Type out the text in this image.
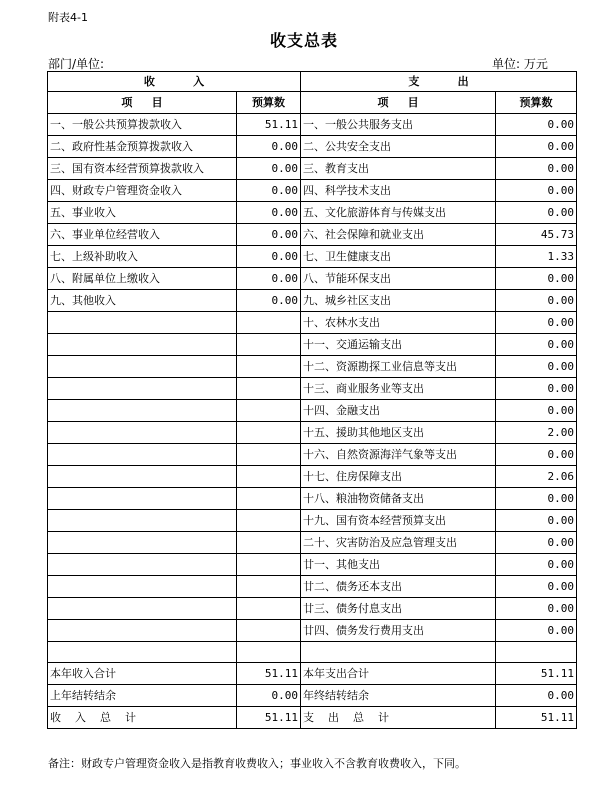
附表4-1
收支总表
部门/单位:	单位: 万元
收          入		支          出	
项     目	预算数	项     目	预算数
一、一般公共预算拨款收入	51.11	一、一般公共服务支出	0.00
二、政府性基金预算拨款收入	0.00	二、公共安全支出	0.00
三、国有资本经营预算拨款收入	0.00	三、教育支出	0.00
四、财政专户管理资金收入	0.00	四、科学技术支出	0.00
五、事业收入	0.00	五、文化旅游体育与传媒支出	0.00
六、事业单位经营收入	0.00	六、社会保障和就业支出	45.73
七、上级补助收入	0.00	七、卫生健康支出	1.33
八、附属单位上缴收入	0.00	八、节能环保支出	0.00
九、其他收入	0.00	九、城乡社区支出	0.00
		十、农林水支出	0.00
		十一、交通运输支出	0.00
		十二、资源勘探工业信息等支出	0.00
		十三、商业服务业等支出	0.00
		十四、金融支出	0.00
		十五、援助其他地区支出	2.00
		十六、自然资源海洋气象等支出	0.00
		十七、住房保障支出	2.06
		十八、粮油物资储备支出	0.00
		十九、国有资本经营预算支出	0.00
		二十、灾害防治及应急管理支出	0.00
		廿一、其他支出	0.00
		廿二、债务还本支出	0.00
		廿三、债务付息支出	0.00
		廿四、债务发行费用支出	0.00

本年收入合计	51.11	本年支出合计	51.11
上年结转结余	0.00	年终结转结余	0.00
收    入    总    计	51.11	支    出    总    计	51.11
备注：财政专户管理资金收入是指教育收费收入；事业收入不含教育收费收入，下同。
